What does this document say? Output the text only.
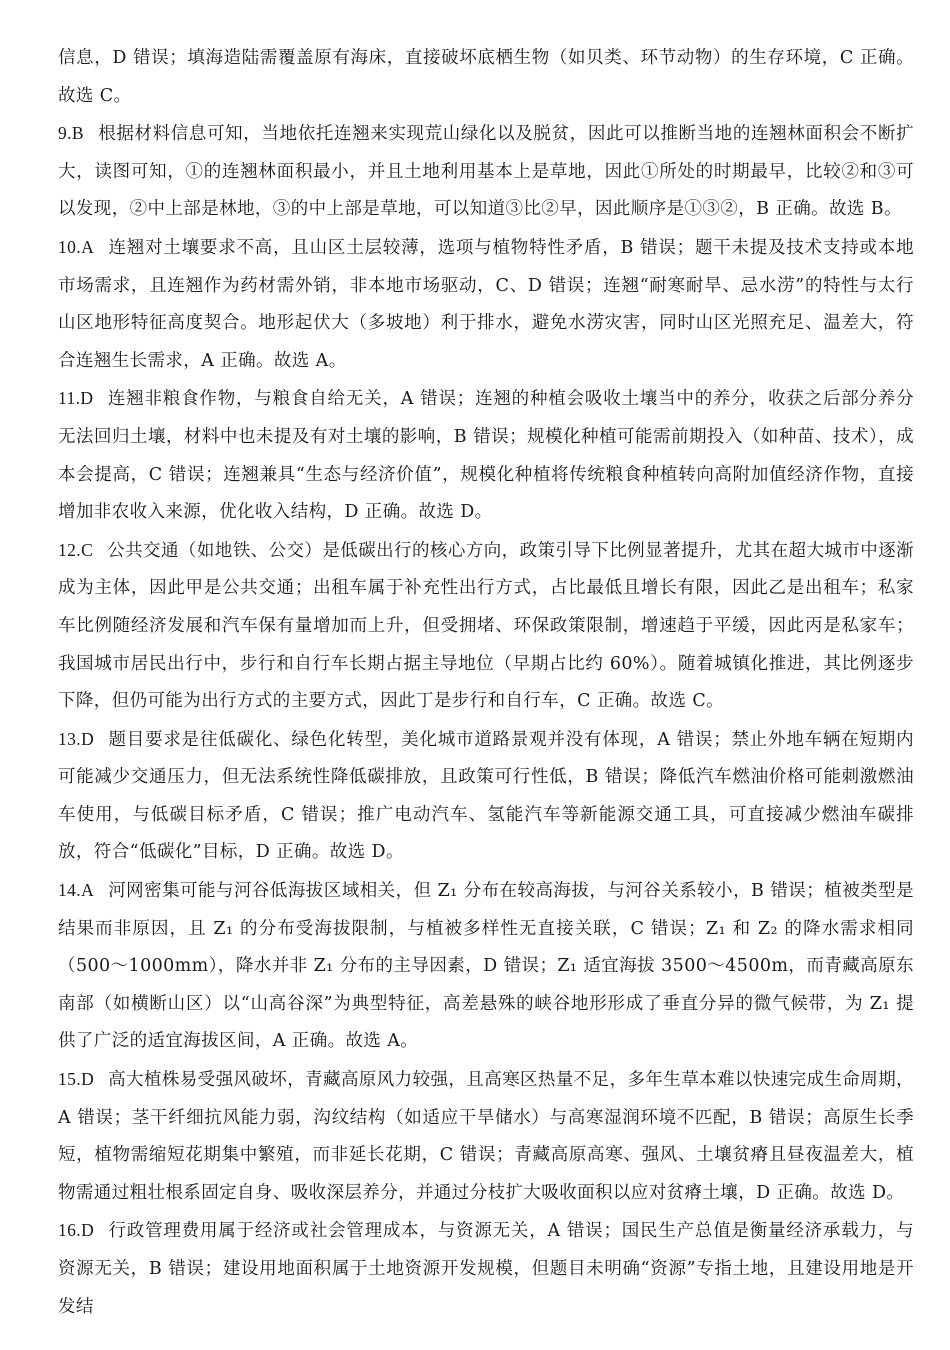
信息，D 错误；填海造陆需覆盖原有海床，直接破坏底栖生物（如贝类、环节动物）的生存环境，C 正确。故选 C。

9.B 根据材料信息可知，当地依托连翘来实现荒山绿化以及脱贫，因此可以推断当地的连翘林面积会不断扩大，读图可知，①的连翘林面积最小，并且土地利用基本上是草地，因此①所处的时期最早，比较②和③可以发现，②中上部是林地，③的中上部是草地，可以知道③比②早，因此顺序是①③②，B 正确。故选 B。

10.A 连翘对土壤要求不高，且山区土层较薄，选项与植物特性矛盾，B 错误；题干未提及技术支持或本地市场需求，且连翘作为药材需外销，非本地市场驱动，C、D 错误；连翘“耐寒耐旱、忌水涝”的特性与太行山区地形特征高度契合。地形起伏大（多坡地）利于排水，避免水涝灾害，同时山区光照充足、温差大，符合连翘生长需求，A 正确。故选 A。

11.D 连翘非粮食作物，与粮食自给无关，A 错误；连翘的种植会吸收土壤当中的养分，收获之后部分养分无法回归土壤，材料中也未提及有对土壤的影响，B 错误；规模化种植可能需前期投入（如种苗、技术），成本会提高，C 错误；连翘兼具“生态与经济价值”，规模化种植将传统粮食种植转向高附加值经济作物，直接增加非农收入来源，优化收入结构，D 正确。故选 D。

12.C 公共交通（如地铁、公交）是低碳出行的核心方向，政策引导下比例显著提升，尤其在超大城市中逐渐成为主体，因此甲是公共交通；出租车属于补充性出行方式，占比最低且增长有限，因此乙是出租车；私家车比例随经济发展和汽车保有量增加而上升，但受拥堵、环保政策限制，增速趋于平缓，因此丙是私家车；我国城市居民出行中，步行和自行车长期占据主导地位（早期占比约 60%）。随着城镇化推进，其比例逐步下降，但仍可能为出行方式的主要方式，因此丁是步行和自行车，C 正确。故选 C。

13.D 题目要求是往低碳化、绿色化转型，美化城市道路景观并没有体现，A 错误；禁止外地车辆在短期内可能减少交通压力，但无法系统性降低碳排放，且政策可行性低，B 错误；降低汽车燃油价格可能刺激燃油车使用，与低碳目标矛盾，C 错误；推广电动汽车、氢能汽车等新能源交通工具，可直接减少燃油车碳排放，符合“低碳化”目标，D 正确。故选 D。

14.A 河网密集可能与河谷低海拔区域相关，但 Z₁ 分布在较高海拔，与河谷关系较小，B 错误；植被类型是结果而非原因，且 Z₁ 的分布受海拔限制，与植被多样性无直接关联，C 错误；Z₁ 和 Z₂ 的降水需求相同（500～1000mm），降水并非 Z₁ 分布的主导因素，D 错误；Z₁ 适宜海拔 3500～4500m，而青藏高原东南部（如横断山区）以“山高谷深”为典型特征，高差悬殊的峡谷地形形成了垂直分异的微气候带，为 Z₁ 提供了广泛的适宜海拔区间，A 正确。故选 A。

15.D 高大植株易受强风破坏，青藏高原风力较强，且高寒区热量不足，多年生草本难以快速完成生命周期，A 错误；茎干纤细抗风能力弱，沟纹结构（如适应干旱储水）与高寒湿润环境不匹配，B 错误；高原生长季短，植物需缩短花期集中繁殖，而非延长花期，C 错误；青藏高原高寒、强风、土壤贫瘠且昼夜温差大，植物需通过粗壮根系固定自身、吸收深层养分，并通过分枝扩大吸收面积以应对贫瘠土壤，D 正确。故选 D。

16.D 行政管理费用属于经济或社会管理成本，与资源无关，A 错误；国民生产总值是衡量经济承载力，与资源无关，B 错误；建设用地面积属于土地资源开发规模，但题目未明确“资源”专指土地，且建设用地是开发结
